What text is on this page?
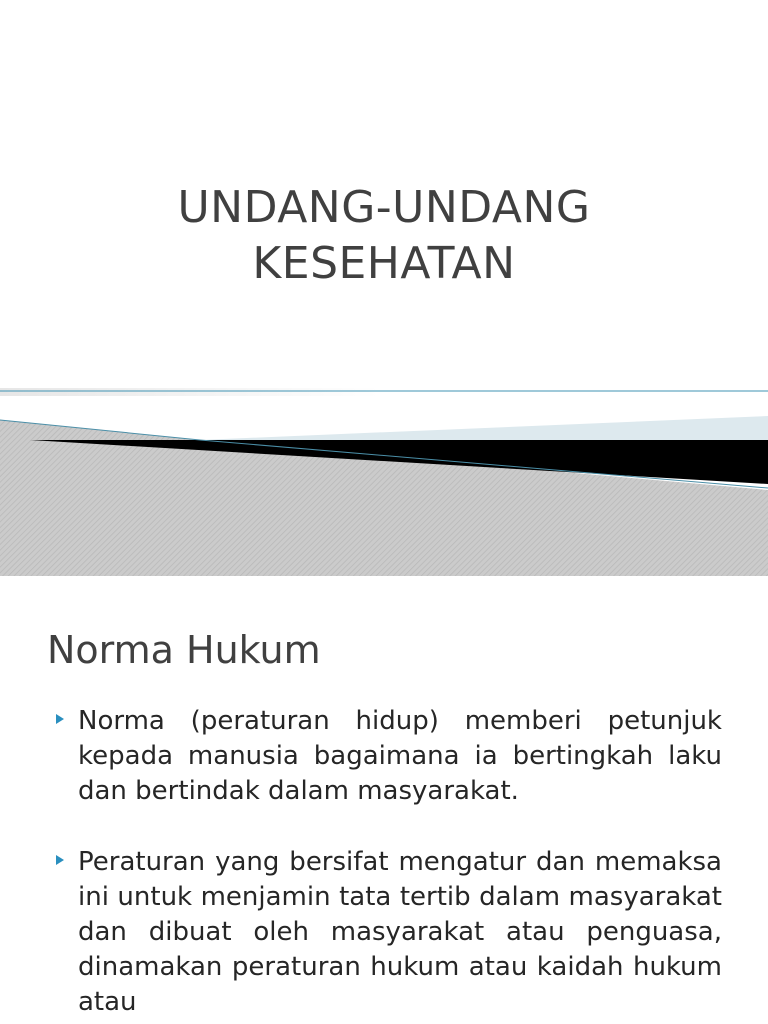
UNDANG-UNDANG
KESEHATAN
Norma Hukum
Norma (peraturan hidup) memberi petunjuk kepada manusia bagaimana ia bertingkah laku dan bertindak dalam masyarakat.
Peraturan yang bersifat mengatur dan memaksa ini untuk menjamin tata tertib dalam masyarakat dan dibuat oleh masyarakat atau penguasa, dinamakan peraturan hukum atau kaidah hukum atau
